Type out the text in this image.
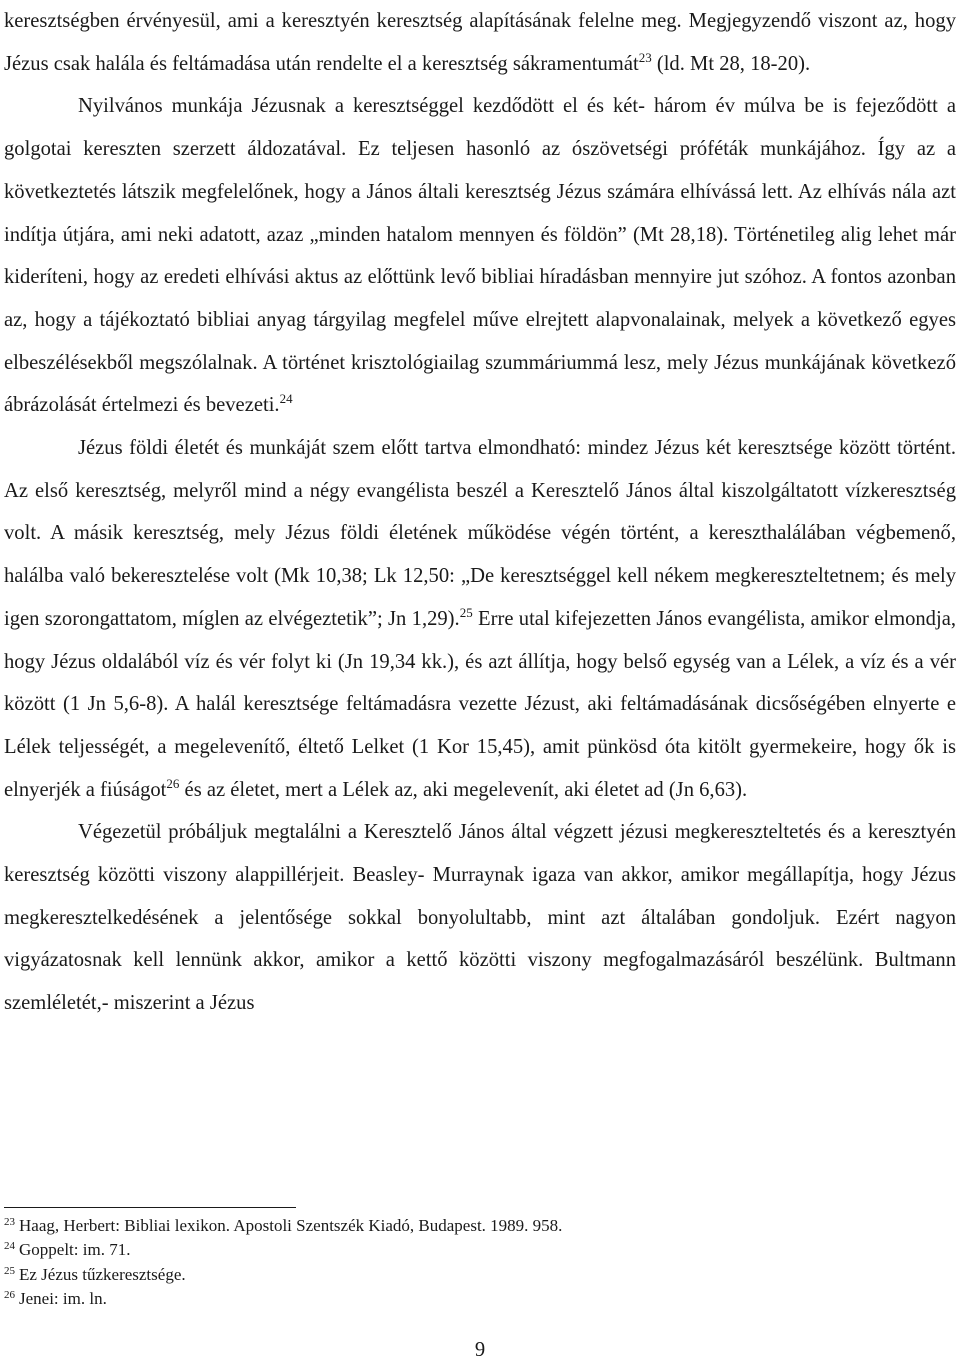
keresztségben érvényesül, ami a keresztyén keresztség alapításának felelne meg. Megjegyzendő viszont az, hogy Jézus csak halála és feltámadása után rendelte el a keresztség sákramentumát$^{23}$ (ld. Mt 28, 18-20).

Nyilvános munkája Jézusnak a keresztséggel kezdődött el és két- három év múlva be is fejeződött a golgotai kereszten szerzett áldozatával. Ez teljesen hasonló az ószövetségi próféták munkájához. Így az a következtetés látszik megfelelőnek, hogy a János általi keresztség Jézus számára elhívássá lett. Az elhívás nála azt indítja útjára, ami neki adatott, azaz „minden hatalom mennyen és földön” (Mt 28,18). Történetileg alig lehet már kideríteni, hogy az eredeti elhívási aktus az előttünk levő bibliai híradásban mennyire jut szóhoz. A fontos azonban az, hogy a tájékoztató bibliai anyag tárgyilag megfelel műve elrejtett alapvonalainak, melyek a következő egyes elbeszélésekből megszólalnak. A történet krisztológiailag szummáriummá lesz, mely Jézus munkájának következő ábrázolását értelmezi és bevezeti.$^{24}$

Jézus földi életét és munkáját szem előtt tartva elmondható: mindez Jézus két keresztsége között történt. Az első keresztség, melyről mind a négy evangélista beszél a Keresztelő János által kiszolgáltatott vízkeresztség volt. A másik keresztség, mely Jézus földi életének működése végén történt, a kereszthalálában végbemenő, halálba való bekeresztelése volt (Mk 10,38; Lk 12,50: „De keresztséggel kell nékem megkereszteltetnem; és mely igen szorongattatom, míglen az elvégeztetik”; Jn 1,29).$^{25}$ Erre utal kifejezetten János evangélista, amikor elmondja, hogy Jézus oldalából víz és vér folyt ki (Jn 19,34 kk.), és azt állítja, hogy belső egység van a Lélek, a víz és a vér között (1 Jn 5,6-8). A halál keresztsége feltámadásra vezette Jézust, aki feltámadásának dicsőségében elnyerte e Lélek teljességét, a megelevenítő, éltető Lelket (1 Kor 15,45), amit pünkösd óta kitölt gyermekeire, hogy ők is elnyerjék a fiúságot$^{26}$ és az életet, mert a Lélek az, aki megelevenít, aki életet ad (Jn 6,63).

Végezetül próbáljuk megtalálni a Keresztelő János által végzett jézusi megkereszteltetés és a keresztyén keresztség közötti viszony alappillérjeit. Beasley- Murraynak igaza van akkor, amikor megállapítja, hogy Jézus megkeresztelkedésének a jelentősége sokkal bonyolultabb, mint azt általában gondoljuk. Ezért nagyon vigyázatosnak kell lennünk akkor, amikor a kettő közötti viszony megfogalmazásáról beszélünk. Bultmann szemléletét,- miszerint a Jézus

$^{23}$ Haag, Herbert: Bibliai lexikon. Apostoli Szentszék Kiadó, Budapest. 1989. 958.
$^{24}$ Goppelt: im. 71.
$^{25}$ Ez Jézus tűzkeresztsége.
$^{26}$ Jenei: im. ln.
9
